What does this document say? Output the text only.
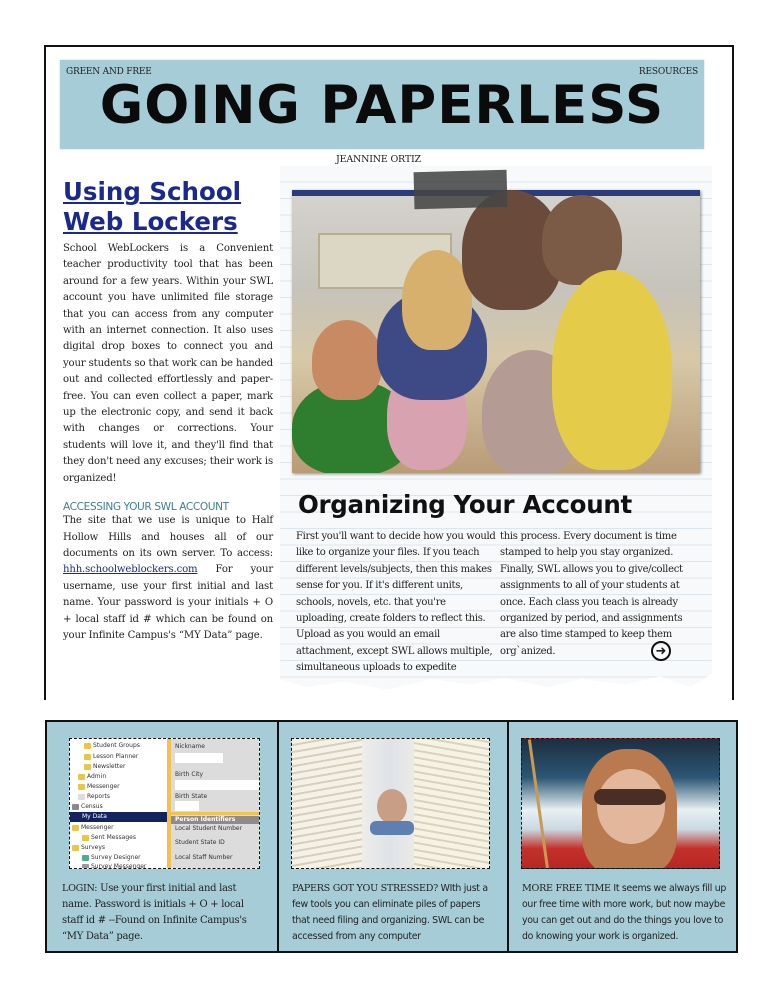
GREEN AND FREE	RESOURCES
GOING PAPERLESS
JEANNINE ORTIZ
Using School
Web Lockers

School WebLockers is a Convenient teacher productivity tool that has been around for a few years. Within your SWL account you have unlimited file storage that you can access from any computer with an internet connection. It also uses digital drop boxes to connect you and your students so that work can be handed out and collected effortlessly and paper-free. You can even collect a paper, mark up the electronic copy, and send it back with changes or corrections. Your students will love it, and they'll find that they don't need any excuses; their work is organized!

ACCESSING YOUR SWL ACCOUNT

The site that we use is unique to Half Hollow Hills and houses all of our documents on its own server. To access: hhh.schoolweblockers.com For your username, use your first initial and last name. Your password is your initials + O + local staff id # which can be found on your Infinite Campus's “MY Data” page.

Organizing Your Account
First you'll want to decide how you would like to organize your files. If you teach different levels/subjects, then this makes sense for you. If it's different units, schools, novels, etc. that you're uploading, create folders to reflect this. Upload as you would an email attachment, except SWL allows multiple, simultaneous uploads to expedite
this process. Every document is time stamped to help you stay organized. Finally, SWL allows you to give/collect assignments to all of your students at once. Each class you teach is already organized by period, and assignments are also time stamped to keep them org`anized.	➜
Student Groups
Lesson Planner
Newsletter
Admin
Messenger
Reports
Census
My Data
Messenger
Sent Messages
Surveys
Survey Designer
Survey Messenger
Nickname
Birth City
Birth State
Person Identifiers
Local Student Number
Student State ID
Local Staff Number
LOGIN: Use your first initial and last name. Password is initials + O + local staff id # --Found on Infinite Campus's “MY Data” page.
PAPERS GOT YOU STRESSED? WIth just a few tools you can eliminate piles of papers that need filing and organizing. SWL can be accessed from any computer
MORE FREE TIME It seems we always fill up our free time with more work, but now maybe you can get out and do the things you love to do knowing your work is organized.
